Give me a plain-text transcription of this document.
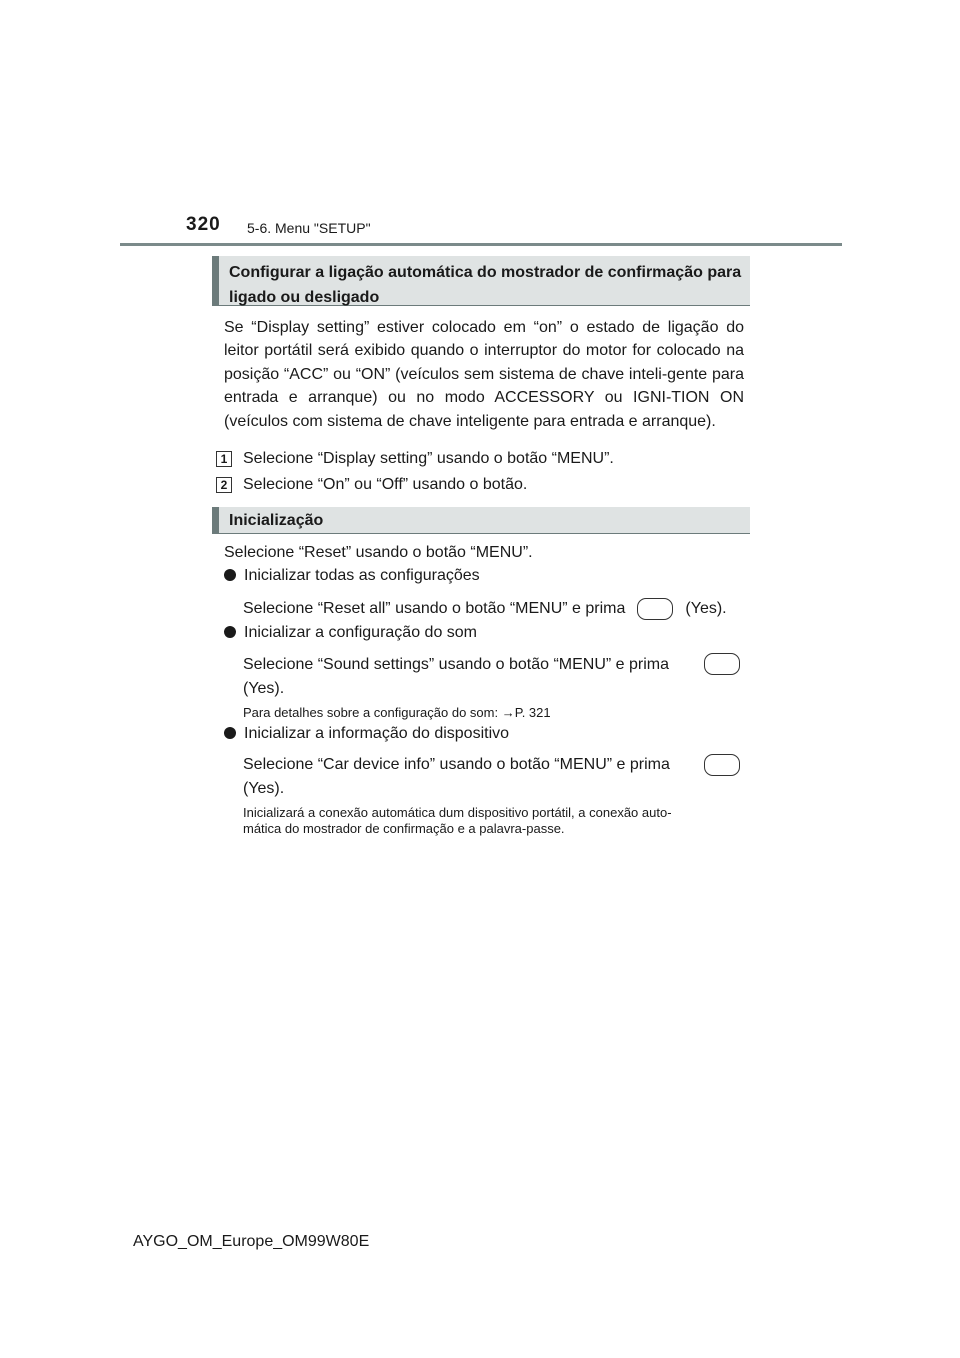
320 5-6. Menu "SETUP"
Configurar a ligação automática do mostrador de confirmação para ligado ou desligado
Se “Display setting” estiver colocado em “on” o estado de ligação do leitor portátil será exibido quando o interruptor do motor for colocado na posição “ACC” ou “ON” (veículos sem sistema de chave inteli-gente para entrada e arranque) ou no modo ACCESSORY ou IGNI-TION ON (veículos com sistema de chave inteligente para entrada e arranque).
1 Selecione “Display setting” usando o botão “MENU”.
2 Selecione “On” ou “Off” usando o botão.
Inicialização
Selecione “Reset” usando o botão “MENU”.
Inicializar todas as configurações
Selecione “Reset all” usando o botão “MENU” e prima	(Yes).
Inicializar a configuração do som
Selecione “Sound settings” usando o botão “MENU” e prima
(Yes).
Para detalhes sobre a configuração do som: →P. 321
Inicializar a informação do dispositivo
Selecione “Car device info” usando o botão “MENU” e prima
(Yes).
Inicializará a conexão automática dum dispositivo portátil, a conexão auto-
mática do mostrador de confirmação e a palavra-passe.
AYGO_OM_Europe_OM99W80E
